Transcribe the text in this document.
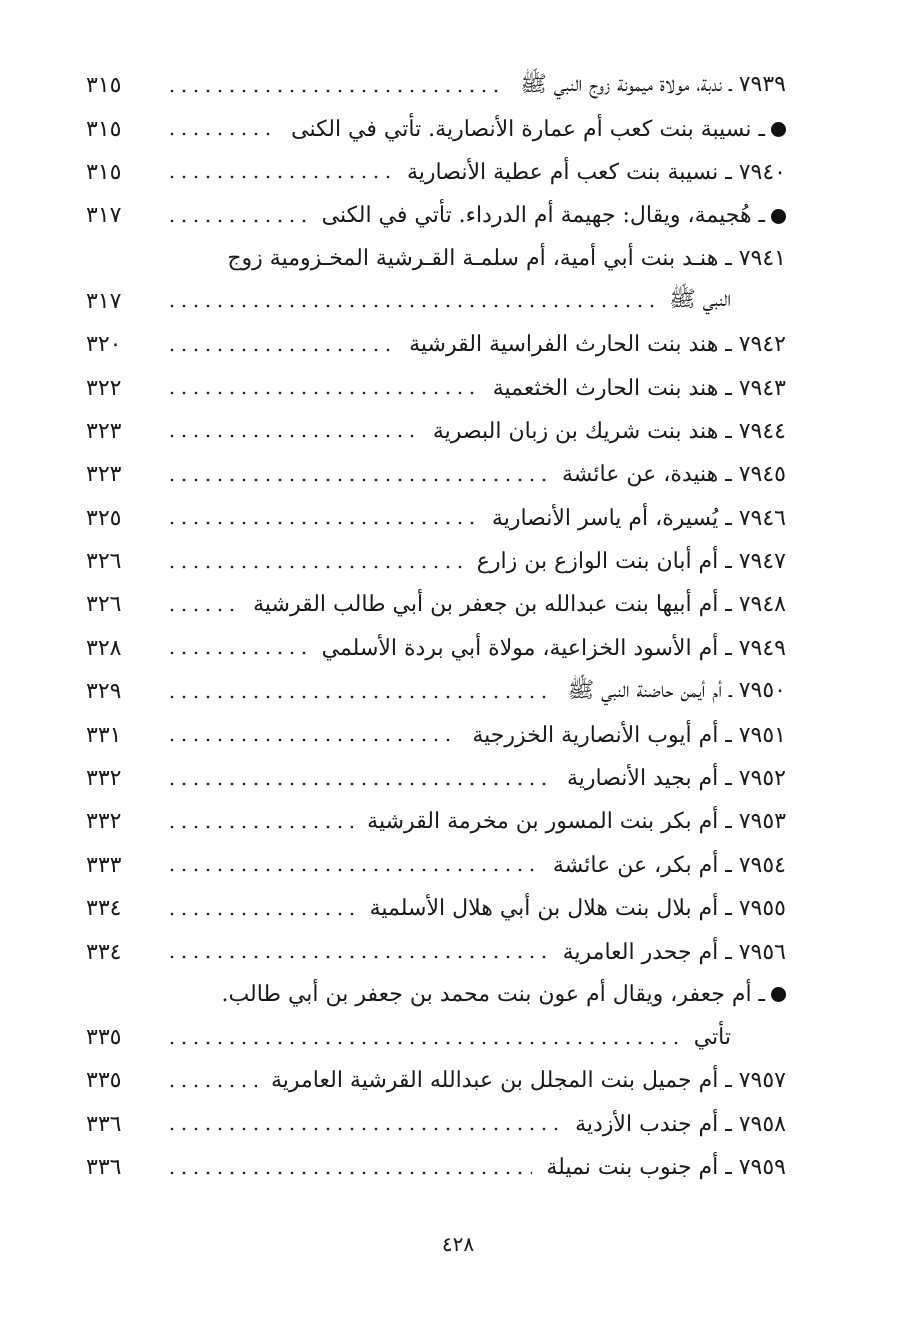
٧٩٣٩ ـ ندبة، مولاة ميمونة زوج النبي ﷺ
٣١٥
ـ نسيبة بنت كعب أم عمارة الأنصارية. تأتي في الكنى
٣١٥
٧٩٤٠ ـ نسيبة بنت كعب أم عطية الأنصارية
٣١٥
ـ هُجيمة، ويقال: جهيمة أم الدرداء. تأتي في الكنى
٣١٧
٧٩٤١ ـ هنـد بنت أبي أمية، أم سلمـة القـرشية المخـزومية زوج
النبي ﷺ
٣١٧
٧٩٤٢ ـ هند بنت الحارث الفراسية القرشية
٣٢٠
٧٩٤٣ ـ هند بنت الحارث الخثعمية
٣٢٢
٧٩٤٤ ـ هند بنت شريك بن زبان البصرية
٣٢٣
٧٩٤٥ ـ هنيدة، عن عائشة
٣٢٣
٧٩٤٦ ـ يُسيرة، أم ياسر الأنصارية
٣٢٥
٧٩٤٧ ـ أم أبان بنت الوازع بن زارع
٣٢٦
٧٩٤٨ ـ أم أبيها بنت عبدالله بن جعفر بن أبي طالب القرشية
٣٢٦
٧٩٤٩ ـ أم الأسود الخزاعية، مولاة أبي بردة الأسلمي
٣٢٨
٧٩٥٠ ـ أم أيمن حاضنة النبي ﷺ
٣٢٩
٧٩٥١ ـ أم أيوب الأنصارية الخزرجية
٣٣١
٧٩٥٢ ـ أم بجيد الأنصارية
٣٣٢
٧٩٥٣ ـ أم بكر بنت المسور بن مخرمة القرشية
٣٣٢
٧٩٥٤ ـ أم بكر، عن عائشة
٣٣٣
٧٩٥٥ ـ أم بلال بنت هلال بن أبي هلال الأسلمية
٣٣٤
٧٩٥٦ ـ أم جحدر العامرية
٣٣٤
ـ أم جعفر، ويقال أم عون بنت محمد بن جعفر بن أبي طالب.
تأتي
٣٣٥
٧٩٥٧ ـ أم جميل بنت المجلل بن عبدالله القرشية العامرية
٣٣٥
٧٩٥٨ ـ أم جندب الأزدية
٣٣٦
٧٩٥٩ ـ أم جنوب بنت نميلة
٣٣٦
٤٢٨
